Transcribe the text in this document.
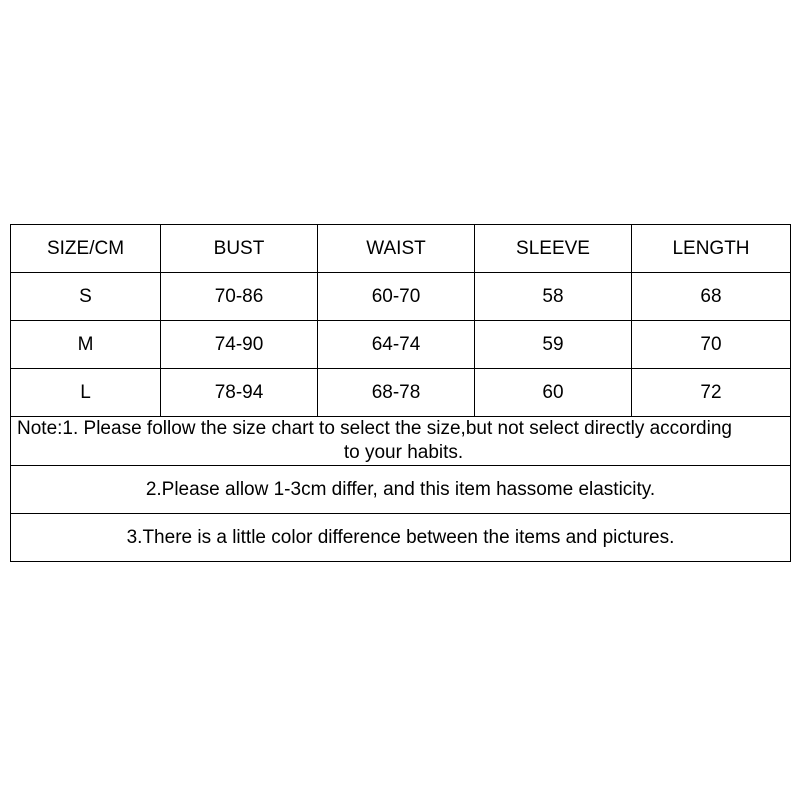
SIZE/CM	BUST	WAIST	SLEEVE	LENGTH
S	70-86	60-70	58	68
M	74-90	64-74	59	70
L	78-94	68-78	60	72
Note:1. Please follow the size chart to select the size,but not select directly according
to your habits.				

2.Please allow 1-3cm differ, and this item hassome elasticity.				
3.There is a little color difference between the items and pictures.				
